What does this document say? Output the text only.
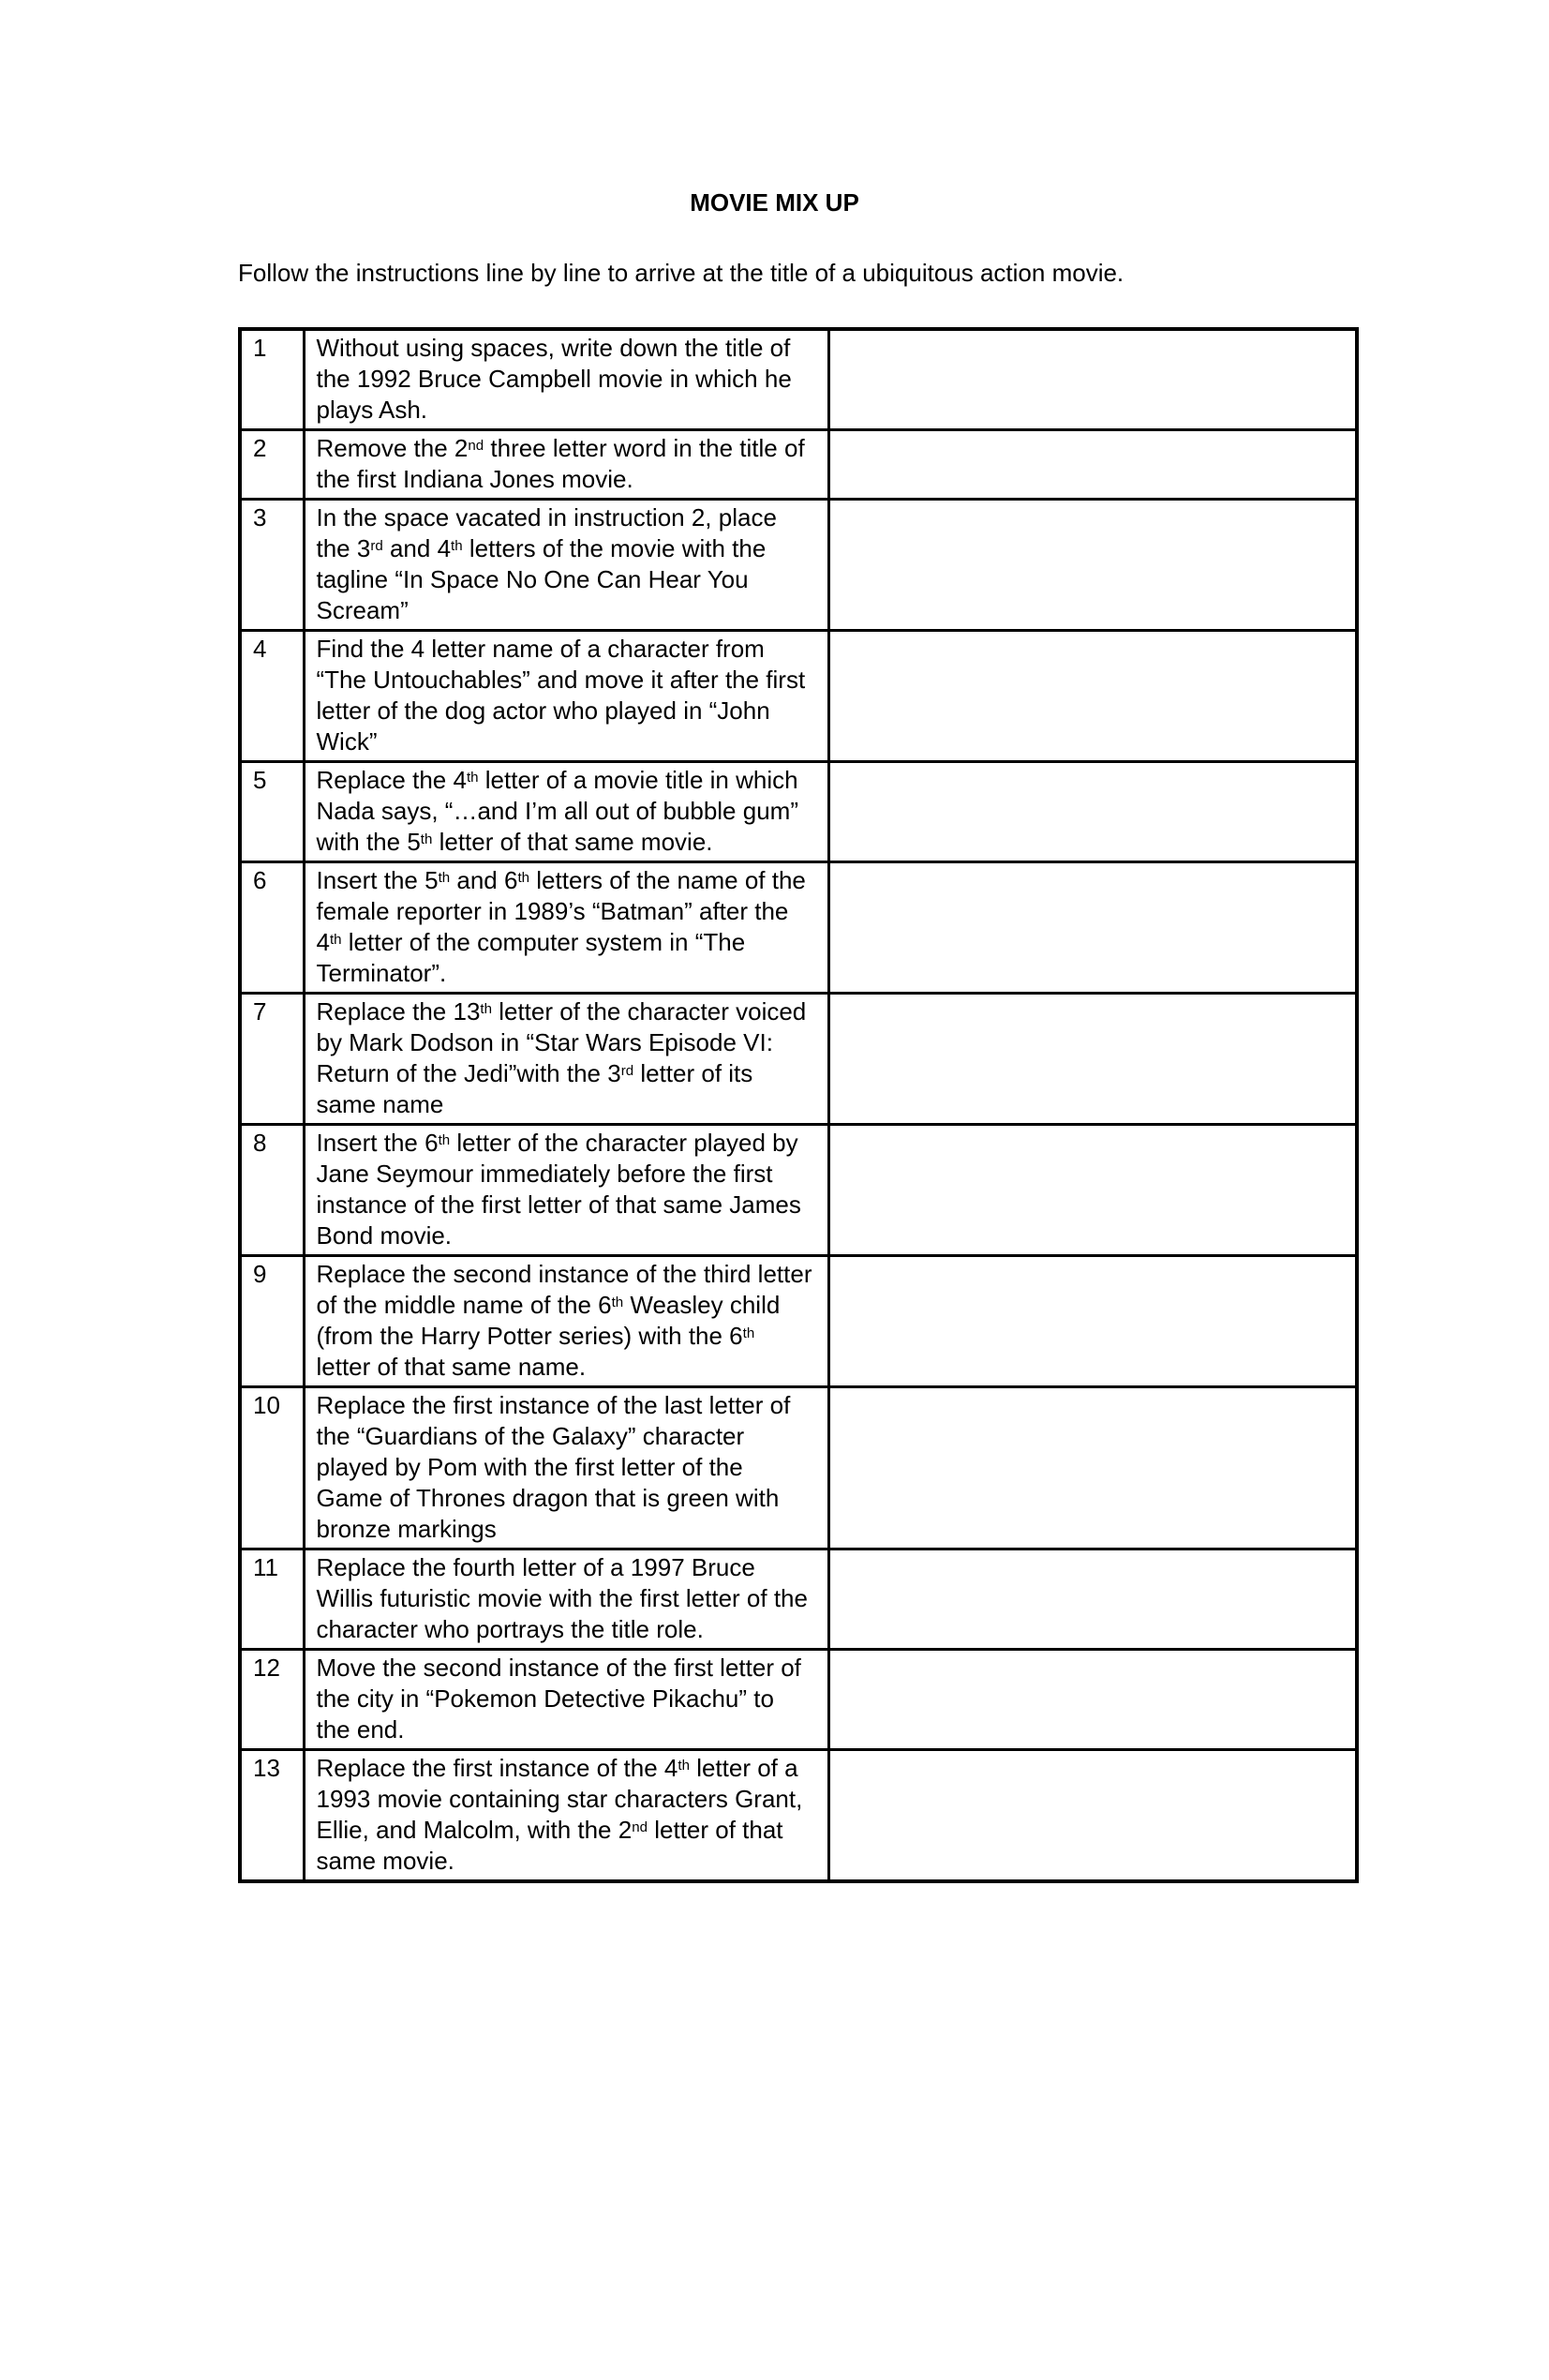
MOVIE MIX UP
Follow the instructions line by line to arrive at the title of a ubiquitous action movie.
1	Without using spaces, write down the title of the 1992 Bruce Campbell movie in which he plays Ash.	
2	Remove the 2nd three letter word in the title of the first Indiana Jones movie.	
3	In the space vacated in instruction 2, place the 3rd and 4th letters of the movie with the tagline “In Space No One Can Hear You Scream”	
4	Find the 4 letter name of a character from “The Untouchables” and move it after the first letter of the dog actor who played in “John Wick”	
5	Replace the 4th letter of a movie title in which Nada says, “…and I’m all out of bubble gum” with the 5th letter of that same movie.	
6	Insert the 5th and 6th letters of the name of the female reporter in 1989’s “Batman” after the 4th letter of the computer system in “The Terminator”.	
7	Replace the 13th letter of the character voiced by Mark Dodson in “Star Wars Episode VI: Return of the Jedi”with the 3rd letter of its same name	
8	Insert the 6th letter of the character played by Jane Seymour immediately before the first instance of the first letter of that same James Bond movie.	
9	Replace the second instance of the third letter of the middle name of the 6th Weasley child (from the Harry Potter series) with the 6th letter of that same name.	
10	Replace the first instance of the last letter of the “Guardians of the Galaxy” character played by Pom with the first letter of the Game of Thrones dragon that is green with bronze markings	
11	Replace the fourth letter of a 1997 Bruce Willis futuristic movie with the first letter of the character who portrays the title role.	
12	Move the second instance of the first letter of the city in “Pokemon Detective Pikachu” to the end.	
13	Replace the first instance of the 4th letter of a 1993 movie containing star characters Grant, Ellie, and Malcolm, with the 2nd letter of that same movie.	
